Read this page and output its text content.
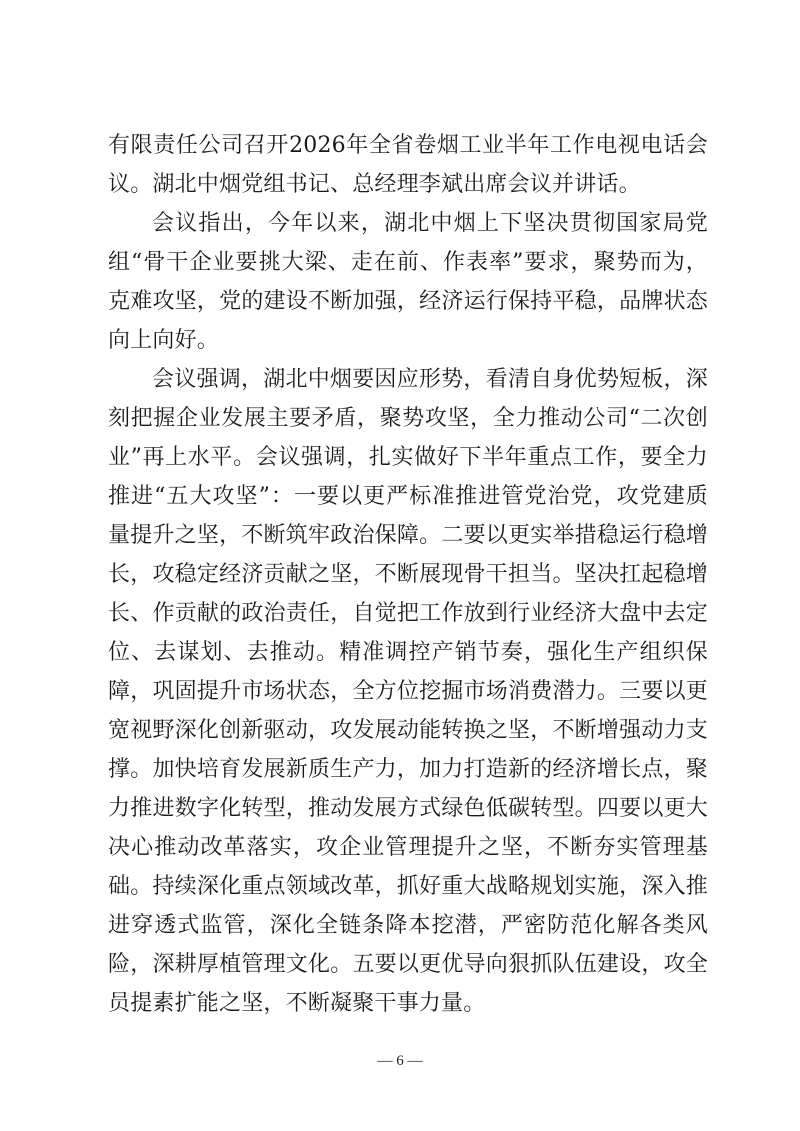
有限责任公司召开2026年全省卷烟工业半年工作电视电话会议。湖北中烟党组书记、总经理李斌出席会议并讲话。

会议指出，今年以来，湖北中烟上下坚决贯彻国家局党组“骨干企业要挑大梁、走在前、作表率”要求，聚势而为，克难攻坚，党的建设不断加强，经济运行保持平稳，品牌状态向上向好。

会议强调，湖北中烟要因应形势，看清自身优势短板，深刻把握企业发展主要矛盾，聚势攻坚，全力推动公司“二次创业”再上水平。会议强调，扎实做好下半年重点工作，要全力推进“五大攻坚”：一要以更严标准推进管党治党，攻党建质量提升之坚，不断筑牢政治保障。二要以更实举措稳运行稳增长，攻稳定经济贡献之坚，不断展现骨干担当。坚决扛起稳增长、作贡献的政治责任，自觉把工作放到行业经济大盘中去定位、去谋划、去推动。精准调控产销节奏，强化生产组织保障，巩固提升市场状态，全方位挖掘市场消费潜力。三要以更宽视野深化创新驱动，攻发展动能转换之坚，不断增强动力支撑。加快培育发展新质生产力，加力打造新的经济增长点，聚力推进数字化转型，推动发展方式绿色低碳转型。四要以更大决心推动改革落实，攻企业管理提升之坚，不断夯实管理基础。持续深化重点领域改革，抓好重大战略规划实施，深入推进穿透式监管，深化全链条降本挖潜，严密防范化解各类风险，深耕厚植管理文化。五要以更优导向狠抓队伍建设，攻全员提素扩能之坚，不断凝聚干事力量。

— 6 —
